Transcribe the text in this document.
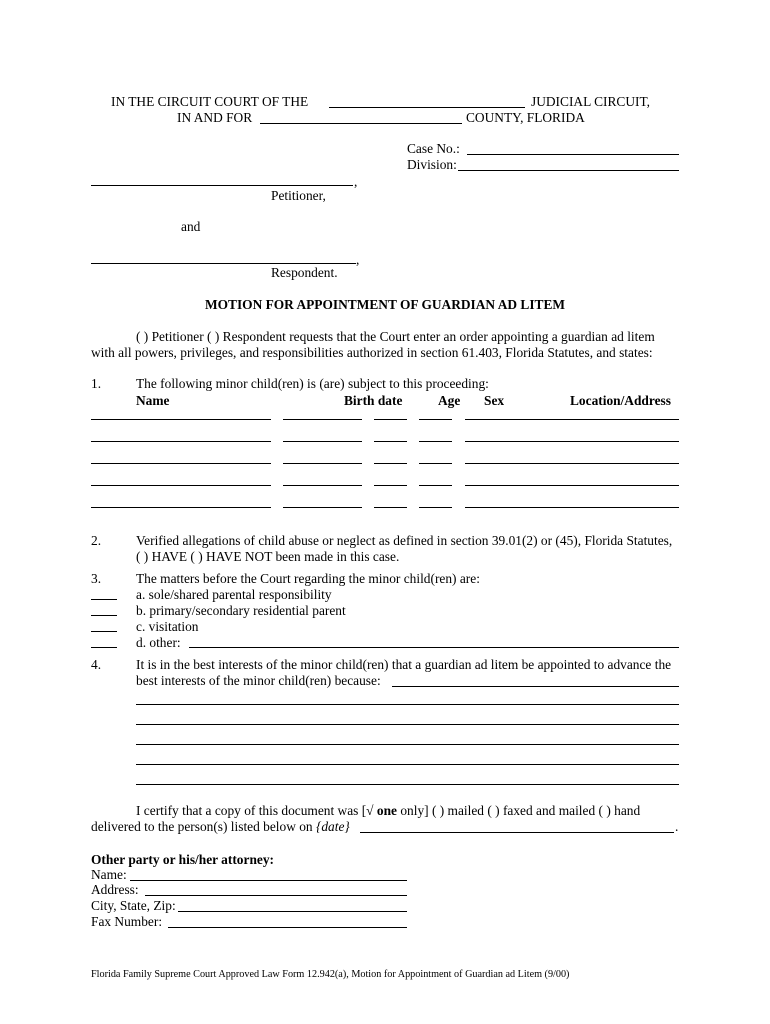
IN THE CIRCUIT COURT OF THE	JUDICIAL CIRCUIT,
IN AND FOR	COUNTY, FLORIDA
Case No.:
Division:
,
Petitioner,
and
,
Respondent.
MOTION FOR APPOINTMENT OF GUARDIAN AD LITEM
( ) Petitioner ( ) Respondent requests that the Court enter an order appointing a guardian ad litem
with all powers, privileges, and responsibilities authorized in section 61.403, Florida Statutes, and states:
1.	The following minor child(ren) is (are) subject to this proceeding:
Name	Birth date	Age Sex	Location/Address
2.	Verified allegations of child abuse or neglect as defined in section 39.01(2) or (45), Florida Statutes,
( ) HAVE ( ) HAVE NOT been made in this case.
3.	The matters before the Court regarding the minor child(ren) are:
a. sole/shared parental responsibility
b. primary/secondary residential parent
c. visitation
d. other:
4.	It is in the best interests of the minor child(ren) that a guardian ad litem be appointed to advance the
best interests of the minor child(ren) because:
I certify that a copy of this document was [√ one only] ( ) mailed ( ) faxed and mailed ( ) hand
delivered to the person(s) listed below on {date}	.
Other party or his/her attorney:
Name:
Address:
City, State, Zip:
Fax Number:
Florida Family Supreme Court Approved Law Form 12.942(a), Motion for Appointment of Guardian ad Litem (9/00)
